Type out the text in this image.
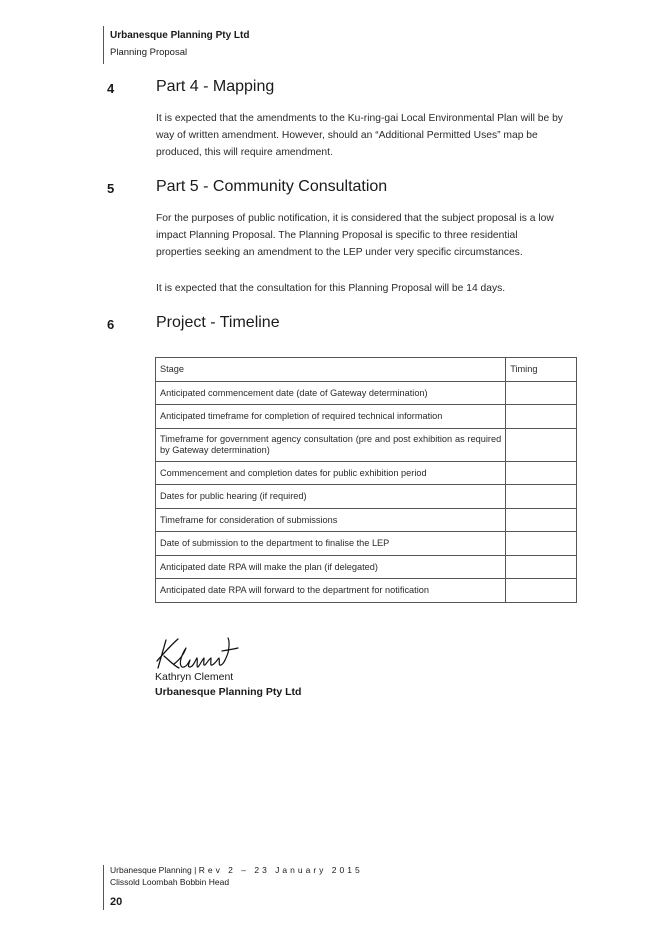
Urbanesque Planning Pty Ltd
Planning Proposal
4	Part 4 - Mapping
It is expected that the amendments to the Ku-ring-gai Local Environmental Plan will be by way of written amendment. However, should an “Additional Permitted Uses” map be produced, this will require amendment.
5	Part 5 - Community Consultation
For the purposes of public notification, it is considered that the subject proposal is a low impact Planning Proposal. The Planning Proposal is specific to three residential properties seeking an amendment to the LEP under very specific circumstances.
It is expected that the consultation for this Planning Proposal will be 14 days.
6	Project - Timeline
Stage	Timing
Anticipated commencement date (date of Gateway determination)	
Anticipated timeframe for completion of required technical information	
Timeframe for government agency consultation (pre and post exhibition as required by Gateway determination)	
Commencement and completion dates for public exhibition period	
Dates for public hearing (if required)	
Timeframe for consideration of submissions	
Date of submission to the department to finalise the LEP	
Anticipated date RPA will make the plan (if delegated)	
Anticipated date RPA will forward to the department for notification	
Kathryn Clement
Urbanesque Planning Pty Ltd
Urbanesque Planning | Rev 2 – 23 January 2015
Clissold Loombah Bobbin Head
20
